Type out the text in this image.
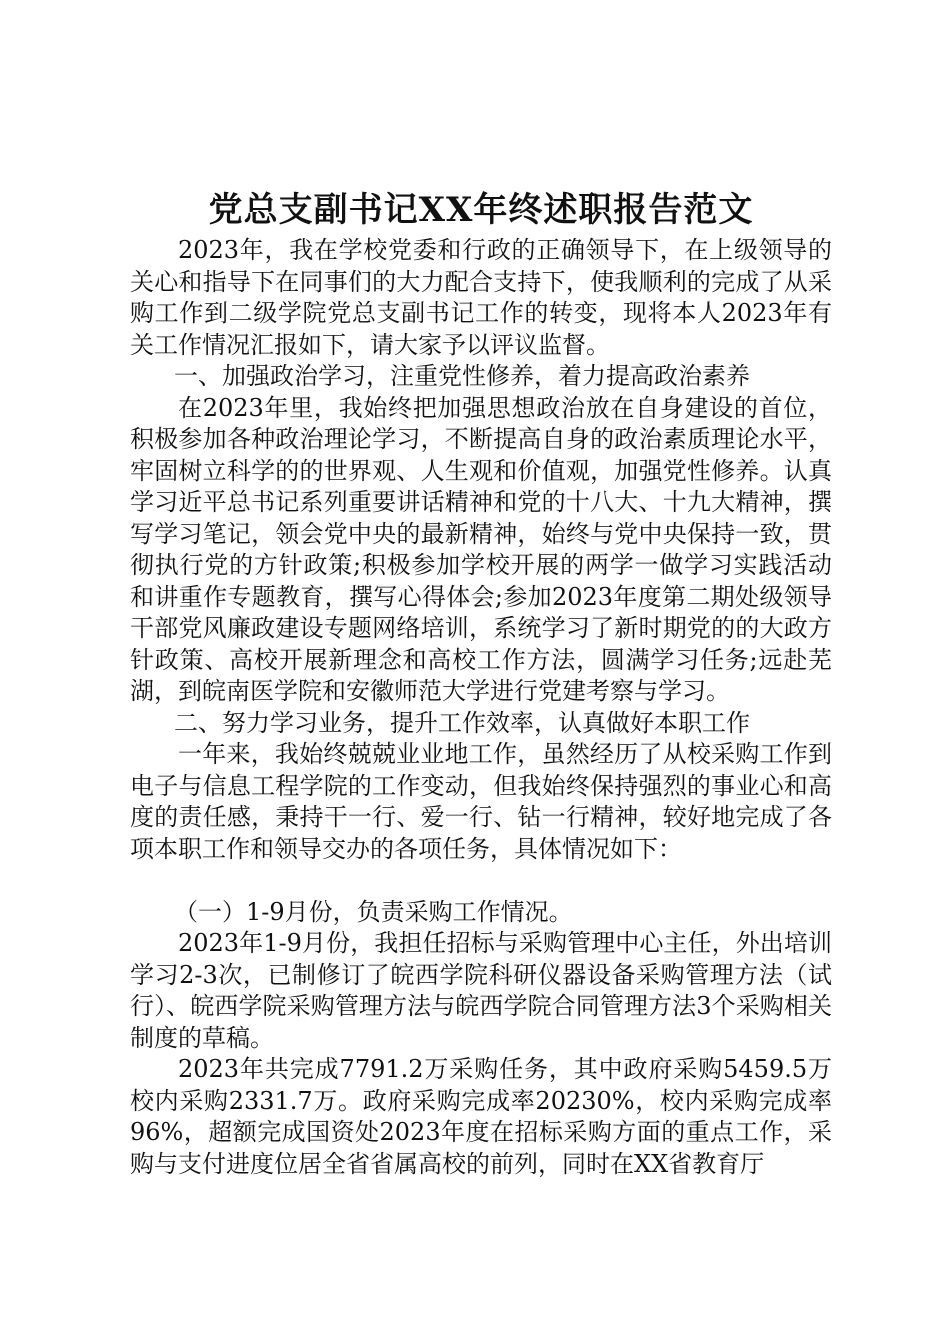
党总支副书记XX年终述职报告范文

2023年，我在学校党委和行政的正确领导下，在上级领导的关心和指导下在同事们的大力配合支持下，使我顺利的完成了从采购工作到二级学院党总支副书记工作的转变，现将本人2023年有关工作情况汇报如下，请大家予以评议监督。

一、加强政治学习，注重党性修养，着力提高政治素养

在2023年里，我始终把加强思想政治放在自身建设的首位，积极参加各种政治理论学习，不断提高自身的政治素质理论水平，牢固树立科学的的世界观、人生观和价值观，加强党性修养。认真学习近平总书记系列重要讲话精神和党的十八大、十九大精神，撰写学习笔记，领会党中央的最新精神，始终与党中央保持一致，贯彻执行党的方针政策;积极参加学校开展的两学一做学习实践活动和讲重作专题教育，撰写心得体会;参加2023年度第二期处级领导干部党风廉政建设专题网络培训，系统学习了新时期党的的大政方针政策、高校开展新理念和高校工作方法，圆满学习任务;远赴芜湖，到皖南医学院和安徽师范大学进行党建考察与学习。

二、努力学习业务，提升工作效率，认真做好本职工作

一年来，我始终兢兢业业地工作，虽然经历了从校采购工作到电子与信息工程学院的工作变动，但我始终保持强烈的事业心和高度的责任感，秉持干一行、爱一行、钻一行精神，较好地完成了各项本职工作和领导交办的各项任务，具体情况如下：

（一）1-9月份，负责采购工作情况。

2023年1-9月份，我担任招标与采购管理中心主任，外出培训学习2-3次，已制修订了皖西学院科研仪器设备采购管理方法（试行）、皖西学院采购管理方法与皖西学院合同管理方法3个采购相关制度的草稿。

2023年共完成7791.2万采购任务，其中政府采购5459.5万校内采购2331.7万。政府采购完成率20230%，校内采购完成率96%，超额完成国资处2023年度在招标采购方面的重点工作，采购与支付进度位居全省省属高校的前列，同时在XX省教育厅
